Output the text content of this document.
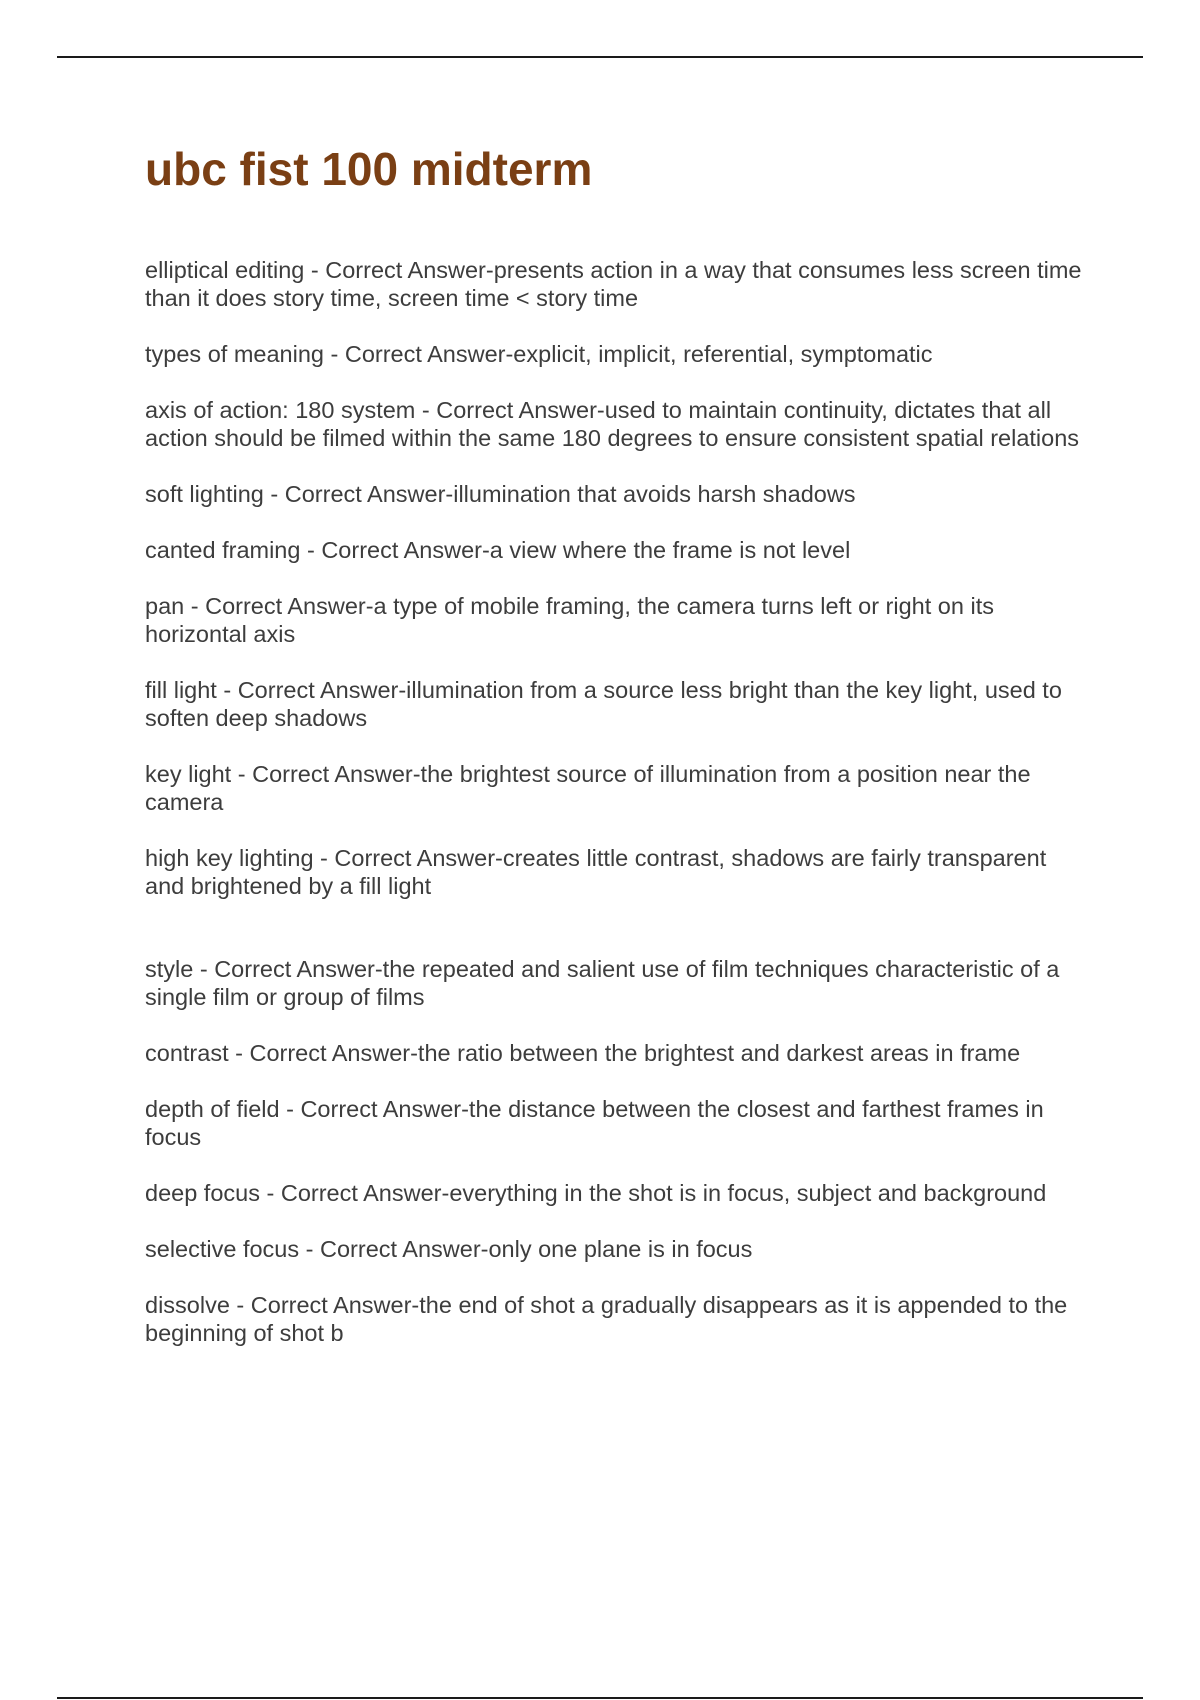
ubc fist 100 midterm
elliptical editing - Correct Answer-presents action in a way that consumes less screen time than it does story time, screen time < story time
types of meaning - Correct Answer-explicit, implicit, referential, symptomatic
axis of action: 180 system - Correct Answer-used to maintain continuity, dictates that all action should be filmed within the same 180 degrees to ensure consistent spatial relations
soft lighting - Correct Answer-illumination that avoids harsh shadows
canted framing - Correct Answer-a view where the frame is not level
pan - Correct Answer-a type of mobile framing, the camera turns left or right on its horizontal axis
fill light - Correct Answer-illumination from a source less bright than the key light, used to soften deep shadows
key light - Correct Answer-the brightest source of illumination from a position near the camera
high key lighting - Correct Answer-creates little contrast, shadows are fairly transparent and brightened by a fill light
style - Correct Answer-the repeated and salient use of film techniques characteristic of a single film or group of films
contrast - Correct Answer-the ratio between the brightest and darkest areas in frame
depth of field - Correct Answer-the distance between the closest and farthest frames in focus
deep focus - Correct Answer-everything in the shot is in focus, subject and background
selective focus - Correct Answer-only one plane is in focus
dissolve - Correct Answer-the end of shot a gradually disappears as it is appended to the beginning of shot b
